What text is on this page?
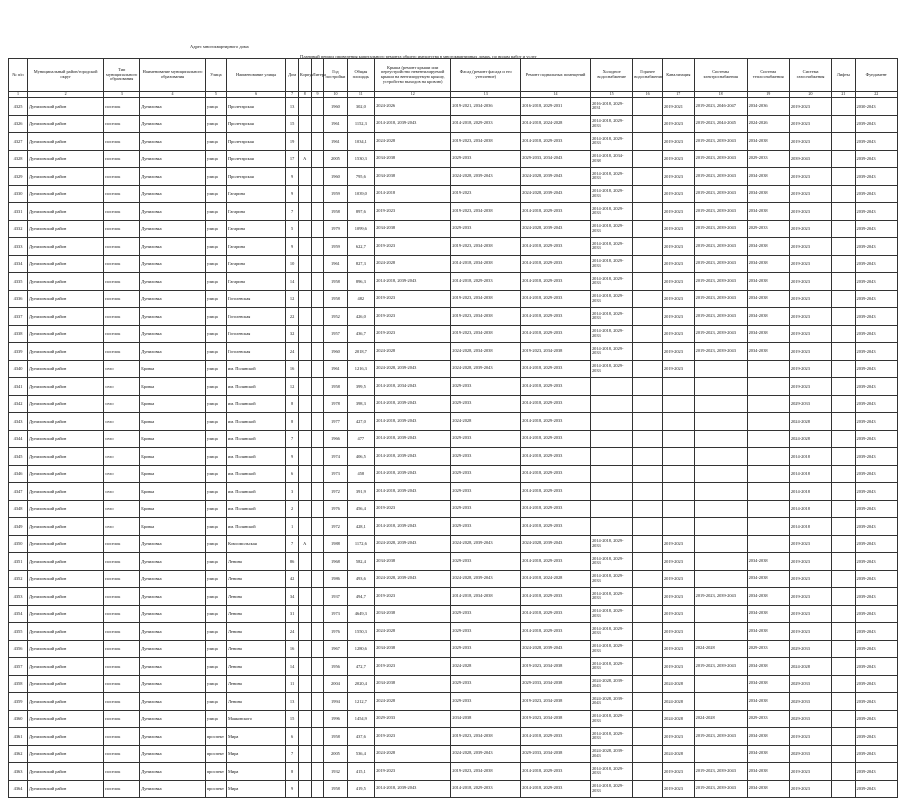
Адрес многоквартирного дома
Плановый период проведения капитального ремонта общего имущества в многоквартирных домах, по видам работ и услуг
№ п/п	Муниципальный район/городской округ	Тип муниципального образования	Наименование муниципального образования	Улица	Наименование улицы	Дом	Корпус	Литера	Год постройки	Общая площадь	Крыша (ремонт крыши или переустройство невентилируемой крыши на вентилируемую крышу, устройство выходов на кровлю)	Фасад (ремонт фасада и его утепление)	Ремонт подвальных помещений	Холодное водоснабжение	Горячее водоснабжение	Канализация	Системы электроснабжения	Система теплоснабжения	Система газоснабжения	Лифты	Фундамент
1	2	3	4	5	6	7	8	9	10	11	12	13	14	15	16	17	18	19	20	21	22
4325	Дуниловский район	поселок	Дуниловка	улица	Пролетарская	13			1960	302,0	2024-2026	2019-2021, 2034-2036	2016-2018, 2029-2031	2016-2018, 2029-2031		2019-2021	2019-2023, 2046-2047	2034-2036	2019-2023		2030-2043
4326	Дуниловский район	поселок	Дуниловка	улица	Пролетарская	15			1961	1152,3	2014-2018, 2039-2043	2014-2018, 2029-2033	2014-2018, 2024-2028	2014-2018, 2029-2033		2019-2023	2019-2023, 2044-2045	2024-2026	2019-2023		2039-2043
4327	Дуниловский район	поселок	Дуниловка	улица	Пролетарская	19			1961	1034,1	2024-2028	2019-2023, 2034-2038	2014-2018, 2029-2033	2014-2018, 2029-2033		2019-2023	2019-2023, 2039-2043	2034-2038	2019-2023		2039-2043
4328	Дуниловский район	поселок	Дуниловка	улица	Пролетарская	17	А		2005	1530,3	2034-2038	2029-2033	2029-2033, 2034-2043	2014-2018, 2034-2038		2019-2023	2019-2023, 2039-2043	2029-2033	2039-2043		2039-2043
4329	Дуниловский район	поселок	Дуниловка	улица	Пролетарская	9			1960	795,6	2034-2038	2024-2028, 2039-2043	2024-2028, 2039-2043	2014-2018, 2029-2033		2019-2023	2019-2023, 2039-2043	2034-2038	2019-2023		2039-2043
4330	Дуниловский район	поселок	Дуниловка	улица	Гагарина	9			1959	1039,0	2014-2018	2019-2023	2024-2028, 2039-2043	2014-2018, 2029-2033		2019-2023	2019-2023, 2039-2043	2034-2038	2019-2023		2039-2043
4331	Дуниловский район	поселок	Дуниловка	улица	Гагарина	7			1958	897,6	2019-2023	2019-2023, 2034-2038	2014-2018, 2029-2033	2014-2018, 2029-2033		2019-2023	2019-2023, 2039-2043	2034-2038	2019-2023		2039-2043
4332	Дуниловский район	поселок	Дуниловка	улица	Гагарина	5			1979	1099,6	2034-2038	2029-2033	2024-2028, 2039-2043	2014-2018, 2029-2033		2019-2023	2019-2023, 2039-2043	2029-2033	2019-2023		2039-2043
4333	Дуниловский район	поселок	Дуниловка	улица	Гагарина	9			1959	622,7	2019-2023	2019-2023, 2034-2038	2014-2018, 2029-2033	2014-2018, 2029-2033		2019-2023	2019-2023, 2039-2043	2034-2038	2019-2023		2039-2043
4334	Дуниловский район	поселок	Дуниловка	улица	Гагарина	10			1961	827,3	2024-2028	2014-2018, 2034-2038	2014-2018, 2029-2033	2014-2018, 2029-2033		2019-2023	2019-2023, 2039-2043	2034-2038	2019-2023		2039-2043
4335	Дуниловский район	поселок	Дуниловка	улица	Гагарина	14			1958	896,3	2014-2018, 2039-2043	2014-2018, 2029-2033	2014-2018, 2029-2033	2014-2018, 2029-2033		2019-2023	2019-2023, 2039-2043	2034-2038	2019-2023		2039-2043
4336	Дуниловский район	поселок	Дуниловка	улица	Гоголевская	12			1958	482	2019-2023	2019-2023, 2034-2038	2014-2018, 2029-2033	2014-2018, 2029-2033		2019-2023	2019-2023, 2039-2043	2034-2038	2019-2023		2039-2043
4337	Дуниловский район	поселок	Дуниловка	улица	Гоголевская	22			1952	426,0	2019-2023	2019-2023, 2034-2038	2014-2018, 2029-2033	2014-2018, 2029-2033		2019-2023	2019-2023, 2039-2043	2034-2038	2019-2023		2039-2043
4338	Дуниловский район	поселок	Дуниловка	улица	Гоголевская	32			1957	436,7	2019-2023	2019-2023, 2034-2038	2014-2018, 2029-2033	2014-2018, 2029-2033		2019-2023	2019-2023, 2039-2043	2034-2038	2019-2023		2039-2043
4339	Дуниловский район	поселок	Дуниловка	улица	Гоголевская	24			1960	2018,7	2024-2028	2024-2028, 2034-2038	2019-2023, 2034-2038	2014-2018, 2029-2033		2019-2023	2019-2023, 2039-2043	2034-2038	2019-2023		2039-2043
4340	Дуниловский район	село	Бровка	улица	им. Полянской	16			1961	1216,3	2024-2028, 2039-2043	2024-2028, 2039-2043	2014-2018, 2029-2033	2014-2018, 2029-2033		2019-2023			2019-2023		2039-2043
4341	Дуниловский район	село	Бровка	улица	им. Полянской	12			1958	399,5	2014-2018, 2034-2043	2029-2033	2014-2018, 2029-2033						2019-2023		2039-2043
4342	Дуниловский район	село	Бровка	улица	им. Полянской	8			1978	398,3	2014-2018, 2039-2043	2029-2033	2014-2018, 2029-2033						2029-2033		2039-2043
4343	Дуниловский район	село	Бровка	улица	им. Полянской	8			1977	427,0	2014-2018, 2039-2043	2024-2028	2014-2018, 2029-2033						2024-2028		2039-2043
4344	Дуниловский район	село	Бровка	улица	им. Полянской	7			1966	477	2014-2018, 2039-2043	2029-2033	2014-2018, 2029-2033						2024-2028		2039-2043
4345	Дуниловский район	село	Бровка	улица	им. Полянской	9			1974	406,5	2014-2018, 2039-2043	2029-2033	2014-2018, 2029-2033						2014-2018		2039-2043
4346	Дуниловский район	село	Бровка	улица	им. Полянской	6			1973	458	2014-2018, 2039-2043	2029-2033	2014-2018, 2029-2033						2014-2018		2039-2043
4347	Дуниловский район	село	Бровка	улица	им. Полянской	3			1972	391,9	2014-2018, 2039-2043	2029-2033	2014-2018, 2029-2033						2014-2018		2039-2043
4348	Дуниловский район	село	Бровка	улица	им. Полянской	2			1976	456,4	2019-2023	2029-2033	2014-2018, 2029-2033						2014-2018		2039-2043
4349	Дуниловский район	село	Бровка	улица	им. Полянской	1			1972	428,1	2014-2018, 2039-2043	2029-2033	2014-2018, 2029-2033						2014-2018		2039-2043
4350	Дуниловский район	поселок	Дуниловка	улица	Комсомольская	7	А		1988	1172,6	2024-2028, 2039-2043	2024-2028, 2039-2043	2024-2028, 2039-2043	2014-2018, 2029-2033		2019-2023			2019-2023		2039-2043
4351	Дуниловский район	поселок	Дуниловка	улица	Ленина	86			1968	582,4	2034-2038	2029-2033	2014-2018, 2029-2033	2014-2018, 2029-2033		2019-2023		2034-2038	2019-2023		2039-2043
4352	Дуниловский район	поселок	Дуниловка	улица	Ленина	42			1986	493,6	2024-2028, 2039-2043	2024-2028, 2039-2043	2014-2018, 2024-2028	2014-2018, 2029-2033		2019-2023		2034-2038	2019-2023		2039-2043
4353	Дуниловский район	поселок	Дуниловка	улица	Ленина	34			1937	494,7	2019-2023	2014-2018, 2034-2038	2014-2018, 2029-2033	2014-2018, 2029-2033		2019-2023	2019-2023, 2039-2043	2034-2038	2019-2023		2039-2043
4354	Дуниловский район	поселок	Дуниловка	улица	Ленина	31			1973	4649,3	2034-2038	2029-2033	2014-2018, 2029-2033	2014-2018, 2029-2033		2019-2023		2034-2038	2019-2023		2039-2043
4355	Дуниловский район	поселок	Дуниловка	улица	Ленина	24			1976	1550,3	2024-2028	2029-2033	2014-2018, 2029-2033	2014-2018, 2029-2033		2019-2023		2034-2038	2019-2023		2039-2043
4356	Дуниловский район	поселок	Дуниловка	улица	Ленина	16			1967	1280,6	2034-2038	2029-2033	2024-2028, 2039-2043	2014-2018, 2029-2033		2019-2023	2024-2028	2029-2033	2029-2033		2039-2043
4357	Дуниловский район	поселок	Дуниловка	улица	Ленина	14			1956	472,7	2019-2023	2024-2028	2019-2023, 2034-2038	2014-2018, 2029-2033		2019-2023	2019-2023, 2039-2043	2034-2038	2024-2028		2039-2043
4358	Дуниловский район	поселок	Дуниловка	улица	Ленина	11			2004	2020,4	2034-2038	2029-2033	2029-2033, 2034-2038	2024-2028, 2039-2043		2024-2028		2034-2038	2029-2033		2039-2043
4359	Дуниловский район	поселок	Дуниловка	улица	Ленина	13			1994	1212,7	2024-2028	2029-2033	2019-2023, 2034-2038	2024-2028, 2039-2043		2024-2028		2034-2038	2029-2033		2039-2043
4360	Дуниловский район	поселок	Дуниловка	улица	Маяковского	15			1996	1454,9	2029-2033	2034-2038	2019-2023, 2034-2038	2014-2018, 2029-2033		2024-2028	2024-2028	2029-2033	2029-2033		2039-2043
4361	Дуниловский район	поселок	Дуниловка	проспект	Мира	6			1958	437,6	2019-2023	2019-2023, 2034-2038	2014-2018, 2029-2033	2014-2018, 2029-2033		2019-2023	2019-2023, 2039-2043	2034-2038	2019-2023		2039-2043
4362	Дуниловский район	поселок	Дуниловка	проспект	Мира	7			2005	536,4	2024-2028	2024-2028, 2039-2043	2029-2033, 2034-2038	2024-2028, 2039-2043		2024-2028		2034-2038	2029-2033		2039-2043
4363	Дуниловский район	поселок	Дуниловка	проспект	Мира	8			1932	415,1	2019-2023	2019-2023, 2034-2038	2014-2018, 2029-2033	2014-2018, 2029-2033		2019-2023	2019-2023, 2039-2043	2034-2038	2019-2023		2039-2043
4364	Дуниловский район	поселок	Дуниловка	проспект	Мира	9			1958	419,5	2014-2018, 2039-2043	2014-2018, 2029-2033	2014-2018, 2029-2033	2014-2018, 2029-2033		2019-2023	2019-2023, 2039-2043	2034-2038	2019-2023		2039-2043
